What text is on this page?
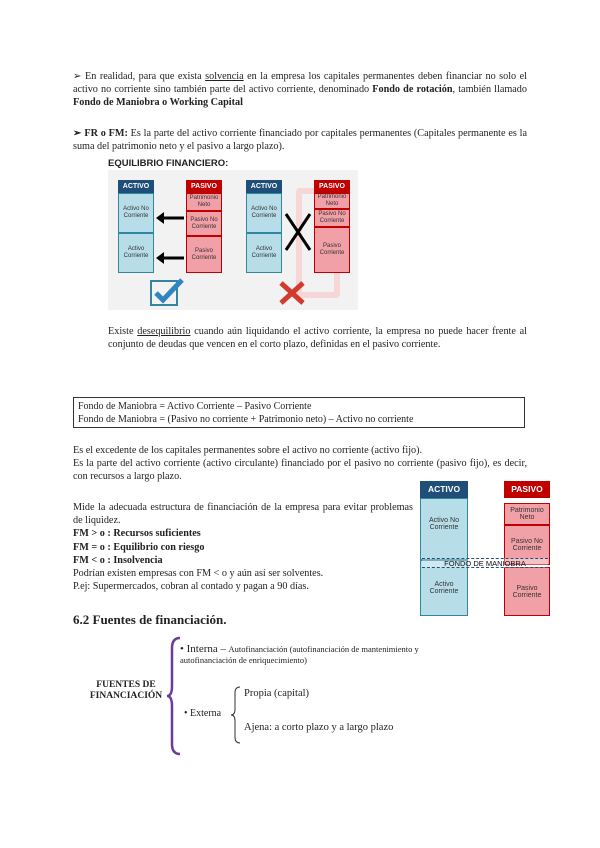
➢ En realidad, para que exista solvencia en la empresa los capitales permanentes deben financiar no solo el activo no corriente sino también parte del activo corriente, denominado Fondo de rotación, también llamado Fondo de Maniobra o Working Capital
➢ FR o FM: Es la parte del activo corriente financiado por capitales permanentes (Capitales permanente es la suma del patrimonio neto y el pasivo a largo plazo).
EQUILIBRIO FINANCIERO:
ACTIVO
Activo No Corriente
Activo Corriente
PASIVO
Patrimonio Neto
Pasivo No Corriente
Pasivo Corriente
ACTIVO
Activo No Corriente
Activo Corriente
PASIVO
Patrimonio Neto
Pasivo No Corriente
Pasivo Corriente
Existe desequilibrio cuando aún liquidando el activo corriente, la empresa no puede hacer frente al conjunto de deudas que vencen en el corto plazo, definidas en el pasivo corriente.
Fondo de Maniobra = Activo Corriente – Pasivo Corriente
Fondo de Maniobra = (Pasivo no corriente + Patrimonio neto) – Activo no corriente
Es el excedente de los capitales permanentes sobre el activo no corriente (activo fijo).
Es la parte del activo corriente (activo circulante) financiado por el pasivo no corriente (pasivo fijo), es decir, con recursos a largo plazo.
Mide la adecuada estructura de financiación de la empresa para evitar problemas de liquidez.
FM > o : Recursos suficientes
FM = o : Equilibrio con riesgo
FM < o : Insolvencia
Podrían existen empresas con FM < o y aún así ser solventes.
P.ej: Supermercados, cobran al contado y pagan a 90 días.
ACTIVO
Activo No Corriente
Activo Corriente
PASIVO
Patrimonio Neto
Pasivo No Corriente
Pasivo Corriente
FONDO DE MANIOBRA
6.2 Fuentes de financiación.
FUENTES DE FINANCIACIÓN
• Interna – Autofinanciación (autofinanciación de mantenimiento y autofinanciación de enriquecimiento)
• Externa
Propia (capital)
Ajena: a corto plazo y a largo plazo
